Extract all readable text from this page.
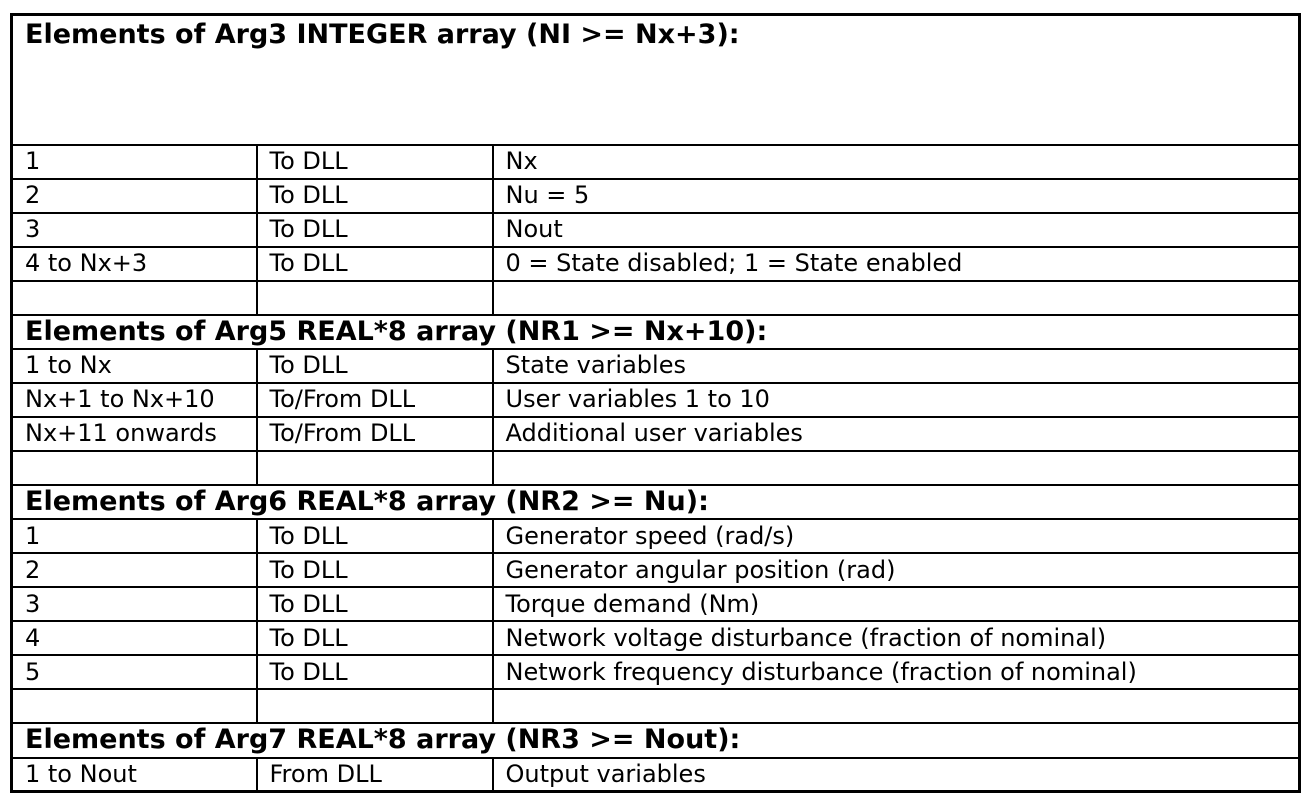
Elements of Arg3 INTEGER array (NI >= Nx+3):		
1	To DLL	Nx
2	To DLL	Nu = 5
3	To DLL	Nout
4 to Nx+3	To DLL	0 = State disabled; 1 = State enabled

Elements of Arg5 REAL*8 array (NR1 >= Nx+10):		
1 to Nx	To DLL	State variables
Nx+1 to Nx+10	To/From DLL	User variables 1 to 10
Nx+11 onwards	To/From DLL	Additional user variables

Elements of Arg6 REAL*8 array (NR2 >= Nu):		
1	To DLL	Generator speed (rad/s)
2	To DLL	Generator angular position (rad)
3	To DLL	Torque demand (Nm)
4	To DLL	Network voltage disturbance (fraction of nominal)
5	To DLL	Network frequency disturbance (fraction of nominal)

Elements of Arg7 REAL*8 array (NR3 >= Nout):		
1 to Nout	From DLL	Output variables
